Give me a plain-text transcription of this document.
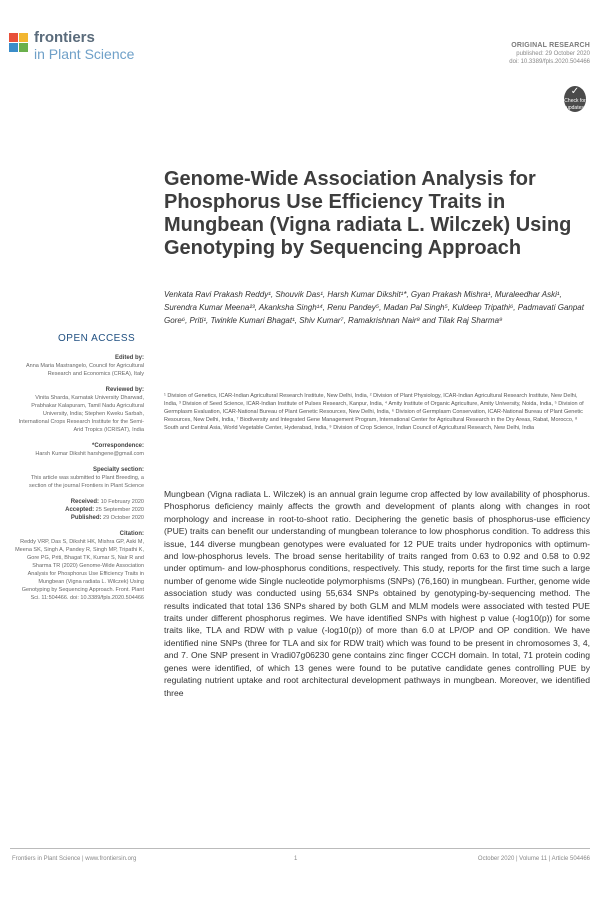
frontiers
in Plant Science
ORIGINAL RESEARCH
published: 29 October 2020
doi: 10.3389/fpls.2020.504466
✓
Check for updates
Genome-Wide Association Analysis for Phosphorus Use Efficiency Traits in Mungbean (Vigna radiata L. Wilczek) Using Genotyping by Sequencing Approach
Venkata Ravi Prakash Reddy¹, Shouvik Das¹, Harsh Kumar Dikshit¹*, Gyan Prakash Mishra¹, Muraleedhar Aski¹, Surendra Kumar Meena²³, Akanksha Singh¹⁴, Renu Pandey⁵, Madan Pal Singh⁵, Kuldeep Tripathi⁶, Padmavati Ganpat Gore⁶, Priti¹, Twinkle Kumari Bhagat¹, Shiv Kumar⁷, Ramakrishnan Nair⁸ and Tilak Raj Sharma⁹
¹ Division of Genetics, ICAR-Indian Agricultural Research Institute, New Delhi, India, ² Division of Plant Physiology, ICAR-Indian Agricultural Research Institute, New Delhi, India, ³ Division of Seed Science, ICAR-Indian Institute of Pulses Research, Kanpur, India, ⁴ Amity Institute of Organic Agriculture, Amity University, Noida, India, ⁵ Division of Germplasm Evaluation, ICAR-National Bureau of Plant Genetic Resources, New Delhi, India, ⁶ Division of Germplasm Conservation, ICAR-National Bureau of Plant Genetic Resources, New Delhi, India, ⁷ Biodiversity and Integrated Gene Management Program, International Center for Agricultural Research in the Dry Areas, Rabat, Morocco, ⁸ South and Central Asia, World Vegetable Center, Hyderabad, India, ⁹ Division of Crop Science, Indian Council of Agricultural Research, New Delhi, India
OPEN ACCESS
Edited by:
Anna Maria Mastrangelo, Council for Agricultural Research and Economics (CREA), Italy
Reviewed by:
Vinita Sharda, Karnatak University Dharwad, Prabhakar Kalapuram, Tamil Nadu Agricultural University, India; Stephen Kweku Sarbah, International Crops Research Institute for the Semi-Arid Tropics (ICRISAT), India
*Correspondence:
Harsh Kumar Dikshit harshgene@gmail.com
Specialty section:
This article was submitted to Plant Breeding, a section of the journal Frontiers in Plant Science
Received: 10 February 2020
Accepted: 25 September 2020
Published: 29 October 2020
Citation:
Reddy VRP, Das S, Dikshit HK, Mishra GP, Aski M, Meena SK, Singh A, Pandey R, Singh MP, Tripathi K, Gore PG, Priti, Bhagat TK, Kumar S, Nair R and Sharma TR (2020) Genome-Wide Association Analysis for Phosphorus Use Efficiency Traits in Mungbean (Vigna radiata L. Wilczek) Using Genotyping by Sequencing Approach. Front. Plant Sci. 11:504466. doi: 10.3389/fpls.2020.504466
Mungbean (Vigna radiata L. Wilczek) is an annual grain legume crop affected by low availability of phosphorus. Phosphorus deficiency mainly affects the growth and development of plants along with changes in root morphology and increase in root-to-shoot ratio. Deciphering the genetic basis of phosphorus-use efficiency (PUE) traits can benefit our understanding of mungbean tolerance to low phosphorus condition. To address this issue, 144 diverse mungbean genotypes were evaluated for 12 PUE traits under hydroponics with optimum- and low-phosphorus levels. The broad sense heritability of traits ranged from 0.63 to 0.92 and 0.58 to 0.92 under optimum- and low-phosphorus conditions, respectively. This study, reports for the first time such a large number of genome wide Single nucleotide polymorphisms (SNPs) (76,160) in mungbean. Further, genome wide association study was conducted using 55,634 SNPs obtained by genotyping-by-sequencing method. The results indicated that total 136 SNPs shared by both GLM and MLM models were associated with tested PUE traits under different phosphorus regimes. We have identified SNPs with highest p value (-log10(p)) for some traits like, TLA and RDW with p value (-log10(p)) of more than 6.0 at LP/OP and OP condition. We have identified nine SNPs (three for TLA and six for RDW trait) which was found to be present in chromosomes 3, 4, and 7. One SNP present in Vradi07g06230 gene contains zinc finger CCCH domain. In total, 71 protein coding genes were identified, of which 13 genes were found to be putative candidate genes controlling PUE by regulating nutrient uptake and root architectural development pathways in mungbean. Moreover, we identified three
Frontiers in Plant Science | www.frontiersin.org	1	October 2020 | Volume 11 | Article 504466
